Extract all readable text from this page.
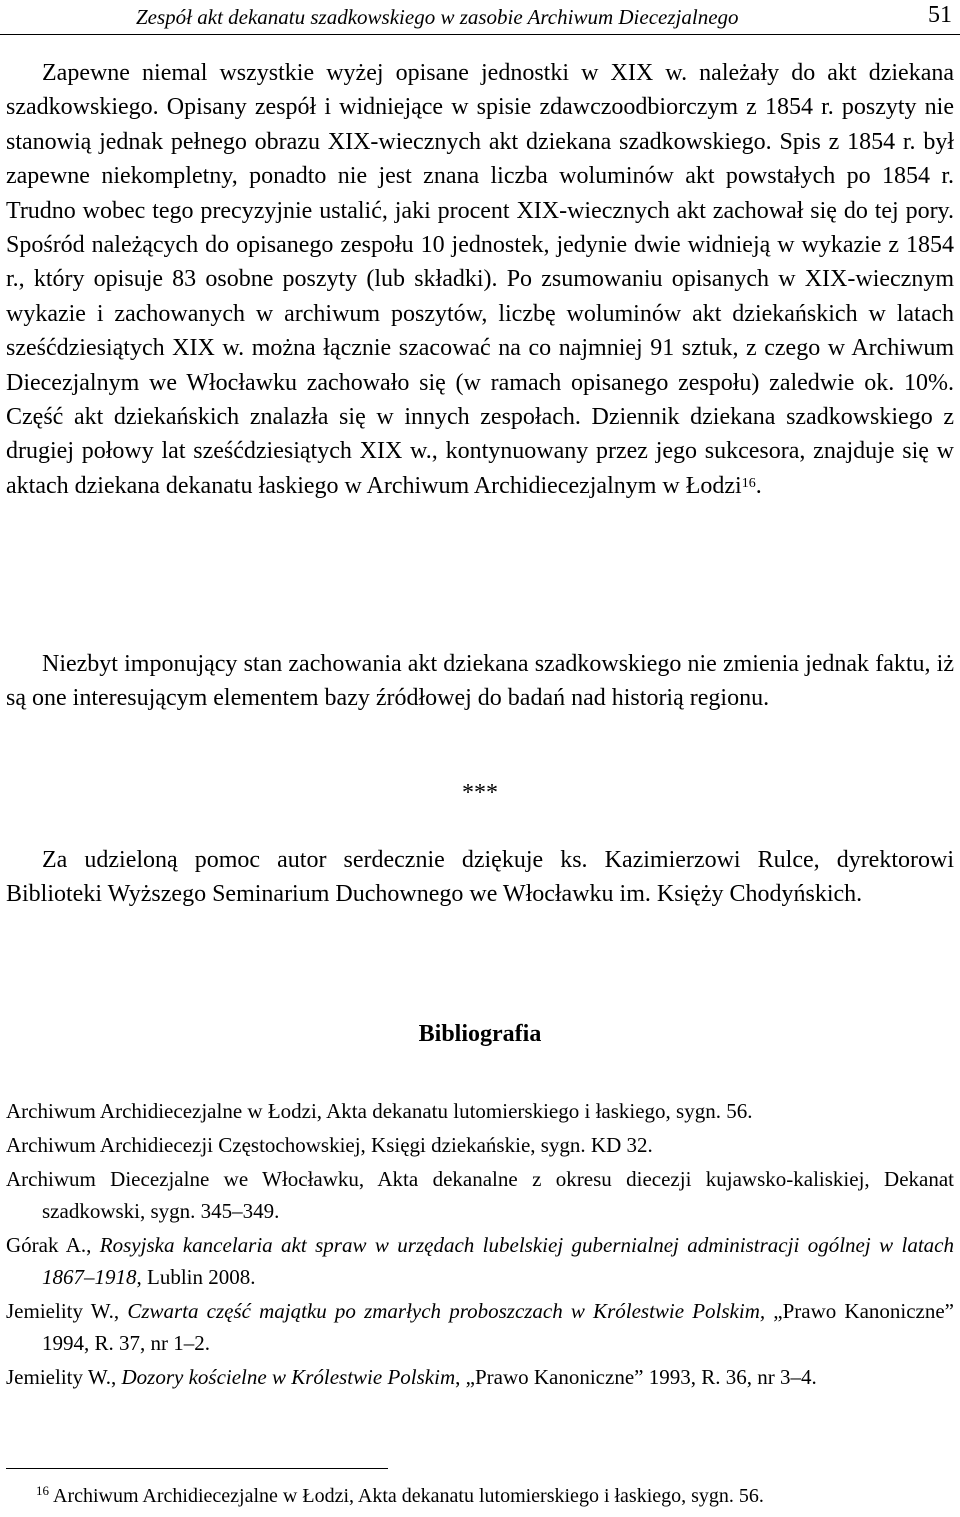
Zespół akt dekanatu szadkowskiego w zasobie Archiwum Diecezjalnego	51

Zapewne niemal wszystkie wyżej opisane jednostki w XIX w. należały do akt dziekana szadkowskiego. Opisany zespół i widniejące w spisie zdawczoodbiorczym z 1854 r. poszyty nie stanowią jednak pełnego obrazu XIX‑wiecznych akt dziekana szadkowskiego. Spis z 1854 r. był zapewne niekompletny, ponadto nie jest znana liczba woluminów akt powstałych po 1854 r. Trudno wobec tego precyzyjnie ustalić, jaki procent XIX-wiecznych akt zachował się do tej pory. Spośród należących do opisanego zespołu 10 jednostek, jedynie dwie widnieją w wykazie z 1854 r., który opisuje 83 osobne poszyty (lub składki). Po zsumowaniu opisanych w XIX-wiecznym wykazie i zachowanych w archiwum poszytów, liczbę woluminów akt dziekańskich w latach sześćdziesiątych XIX w. można łącznie szacować na co najmniej 91 sztuk, z czego w Archiwum Diecezjalnym we Włocławku zachowało się (w ramach opisanego zespołu) zaledwie ok. 10%. Część akt dziekańskich znalazła się w innych zespołach. Dziennik dziekana szadkowskiego z drugiej połowy lat sześćdziesiątych XIX w., kontynuowany przez jego sukcesora, znajduje się w aktach dziekana dekanatu łaskiego w Archiwum Archidiecezjalnym w Łodzi$^{16}$.

Niezbyt imponujący stan zachowania akt dziekana szadkowskiego nie zmienia jednak faktu, iż są one interesującym elementem bazy źródłowej do badań nad historią regionu.

***

Za udzieloną pomoc autor serdecznie dziękuje ks. Kazimierzowi Rulce, dyrektorowi Biblioteki Wyższego Seminarium Duchownego we Włocławku im. Księży Chodyńskich.

Bibliografia
Archiwum Archidiecezjalne w Łodzi, Akta dekanatu lutomierskiego i łaskiego, sygn. 56.
Archiwum Archidiecezji Częstochowskiej, Księgi dziekańskie, sygn. KD 32.
Archiwum Diecezjalne we Włocławku, Akta dekanalne z okresu diecezji kujawsko-kaliskiej, Dekanat szadkowski, sygn. 345–349.
Górak A., Rosyjska kancelaria akt spraw w urzędach lubelskiej gubernialnej administracji ogólnej w latach 1867–1918, Lublin 2008.
Jemielity W., Czwarta część majątku po zmarłych proboszczach w Królestwie Polskim, „Prawo Kanoniczne” 1994, R. 37, nr 1–2.
Jemielity W., Dozory kościelne w Królestwie Polskim, „Prawo Kanoniczne” 1993, R. 36, nr 3–4.
$^{16}$ Archiwum Archidiecezjalne w Łodzi, Akta dekanatu lutomierskiego i łaskiego, sygn. 56.
